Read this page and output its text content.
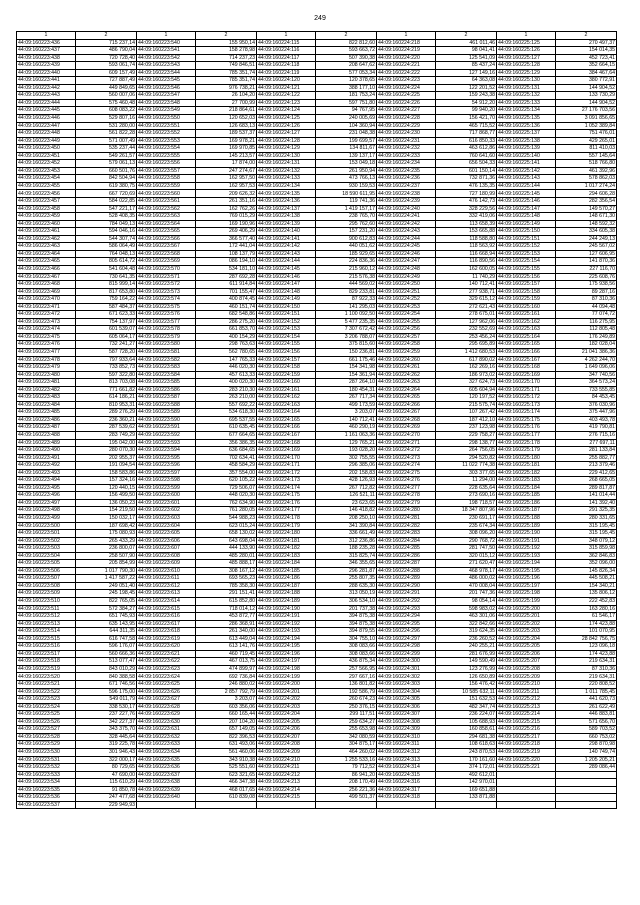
249
1	2	1	2	1	2	1	2	1	2
44:09:160223:436	715 237,14	44:09:160223:540	155 950,14	44:09:160224:115	822 812,60	44:09:160224:218	461 011,46	44:09:160225:125	270 497,37
44:09:160223:437	486 790,04	44:09:160223:541	158 278,98	44:09:160224:116	593 663,72	44:09:160224:219	98 041,41	44:09:160225:126	154 014,35
44:09:160223:438	720 728,40	44:09:160223:542	714 237,23	44:09:160224:117	507 390,38	44:09:160224:220	125 541,09	44:09:160225:127	452 723,41
44:09:160223:439	593 061,74	44:09:160223:543	749 846,51	44:09:160224:118	208 647,62	44:09:160224:221	85 437,24	44:09:160225:128	352 664,15
44:09:160223:440	609 157,49	44:09:160223:544	785 351,74	44:09:160224:119	577 053,34	44:09:160224:222	127 149,16	44:09:160225:129	384 467,64
44:09:160223:441	727 887,49	44:09:160223:545	785 351,74	44:09:160224:120	120 378,65	44:09:160224:223	64 363,08	44:09:160225:130	380 772,91
44:09:160223:442	449 849,65	44:09:160223:546	976 738,21	44:09:160224:121	388 177,10	44:09:160224:224	122 201,52	44:09:160225:131	144 904,52
44:09:160223:443	560 007,06	44:09:160223:547	26 104,20	44:09:160224:122	181 753,24	44:09:160224:225	159 243,38	44:09:160225:132	133 730,29
44:09:160223:444	575 460,48	44:09:160223:548	27 700,99	44:09:160224:123	597 751,80	44:09:160224:226	54 912,20	44:09:160225:133	144 904,52
44:09:160223:445	608 083,22	44:09:160223:549	218 864,61	44:09:160224:124	94 767,95	44:09:160224:227	99 940,20	44:09:160225:134	27 176 703,56
44:09:160223:446	529 807,16	44:09:160223:550	120 652,03	44:09:160224:125	240 005,69	44:09:160224:228	156 421,70	44:09:160225:135	3 091 856,65
44:09:160223:447	531 280,00	44:09:160223:551	126 683,13	44:09:160224:126	104 360,94	44:09:160224:229	465 715,52	44:09:160225:136	1 052 389,84
44:09:160223:448	561 822,28	44:09:160223:552	189 537,37	44:09:160224:127	231 048,38	44:09:160224:230	717 868,77	44:09:160225:137	751 476,01
44:09:160223:449	571 007,49	44:09:160223:553	169 978,21	44:09:160224:128	199 699,57	44:09:160224:231	616 850,33	44:09:160225:138	429 265,01
44:09:160223:450	535 237,44	44:09:160223:554	169 970,85	44:09:160224:129	134 811,67	44:09:160224:232	463 612,86	44:09:160225:139	811 410,03
44:09:160223:451	549 261,57	44:09:160223:555	145 213,57	44:09:160224:130	139 137,17	44:09:160224:233	760 641,60	44:09:160225:140	557 145,64
44:09:160223:452	579 061,13	44:09:160223:556	17 874,00	44:09:160224:131	153 049,18	44:09:160224:234	656 504,33	44:09:160225:141	518 766,80
44:09:160223:453	660 501,76	44:09:160223:557	247 274,67	44:09:160224:132	261 950,94	44:09:160224:235	601 150,14	44:09:160225:142	461 392,96
44:09:160223:454	842 504,94	44:09:160223:558	162 957,50	44:09:160224:133	473 766,13	44:09:160224:236	732 871,36	44:09:160225:143	578 862,03
44:09:160223:455	619 380,75	44:09:160223:559	162 957,53	44:09:160224:134	930 159,53	44:09:160224:237	476 135,35	44:09:160225:144	1 017 274,24
44:09:160223:456	667 720,69	44:09:160223:560	209 626,32	44:09:160224:135	18 590 611,95	44:09:160224:238	727 180,99	44:09:160225:145	294 606,28
44:09:160223:457	584 022,85	44:09:160223:561	261 351,16	44:09:160224:136	119 741,36	44:09:160224:239	476 142,73	44:09:160225:146	282 356,54
44:09:160223:458	547 221,17	44:09:160223:562	162 762,26	44:09:160224:137	1 419 157,17	44:09:160224:240	328 229,56	44:09:160225:147	149 570,27
44:09:160223:459	528 408,35	44:09:160223:563	769 015,29	44:09:160224:138	238 765,70	44:09:160224:241	332 419,06	44:09:160225:148	148 671,30
44:09:160223:460	784 049,13	44:09:160223:564	169 190,96	44:09:160224:139	295 762,60	44:09:160224:242	113 658,39	44:09:160225:149	148 592,32
44:09:160223:461	594 046,16	44:09:160223:565	269 406,29	44:09:160224:140	157 231,20	44:09:160224:243	153 665,88	44:09:160225:150	334 605,38
44:09:160223:462	544 307,74	44:09:160223:566	366 577,40	44:09:160224:141	900 612,83	44:09:160224:244	118 588,80	44:09:160225:151	244 249,13
44:09:160223:463	586 064,49	44:09:160223:567	172 441,04	44:09:160224:142	440 051,62	44:09:160224:245	118 563,92	44:09:160225:152	245 567,02
44:09:160223:464	764 048,13	44:09:160223:568	108 137,79	44:09:160224:143	185 929,65	44:09:160224:246	116 668,94	44:09:160225:153	127 606,95
44:09:160223:465	805 614,72	44:09:160223:569	086 194,10	44:09:160224:144	224 836,36	44:09:160224:247	116 890,56	44:09:160225:154	141 870,36
44:09:160223:466	541 604,48	44:09:160223:570	534 181,10	44:09:160224:145	215 960,12	44:09:160224:248	162 600,05	44:09:160225:155	227 116,70
44:09:160223:467	730 641,35	44:09:160223:571	287 692,28	44:09:160224:146	215 576,38	44:09:160224:249	11 740,29	44:09:160225:156	225 608,76
44:09:160223:468	815 999,14	44:09:160223:572	611 914,84	44:09:160224:147	444 569,02	44:09:160224:250	140 712,41	44:09:160225:157	175 938,56
44:09:160223:469	817 653,80	44:09:160223:573	701 155,47	44:09:160224:148	829 233,81	44:09:160224:251	277 938,71	44:09:160225:158	89 287,16
44:09:160223:470	759 164,22	44:09:160223:574	400 874,45	44:09:160224:149	87 922,33	44:09:160224:252	329 615,12	44:09:160225:159	87 310,36
44:09:160223:471	587 484,37	44:09:160223:575	460 151,74	44:09:160224:150	141 295,03	44:09:160224:253	272 621,43	44:09:160225:160	44 094,48
44:09:160223:472	671 623,33	44:09:160223:576	682 548,86	44:09:160224:151	1 100 092,50	44:09:160224:254	278 675,01	44:09:160225:161	77 074,72
44:09:160223:473	754 137,97	44:09:160223:577	286 275,20	44:09:160224:152	5 477 235,35	44:09:160224:255	127 962,06	44:09:160225:162	116 275,95
44:09:160223:474	601 539,07	44:09:160223:578	661 853,70	44:09:160224:153	7 307 672,42	44:09:160224:256	232 552,69	44:09:160225:163	112 805,48
44:09:160223:475	605 064,17	44:09:160223:579	400 154,29	44:09:160224:154	3 206 788,07	44:09:160224:257	253 456,24	44:09:160225:164	176 249,89
44:09:160223:476	732 241,27	44:09:160223:580	298 763,63	44:09:160224:155	375 815,60	44:09:160224:258	295 695,89	44:09:160225:165	182 028,04
44:09:160223:477	587 728,20	44:09:160223:581	562 780,65	44:09:160224:156	150 236,81	44:09:160224:259	1 412 680,53	44:09:160225:166	21 041 386,36
44:09:160223:478	797 933,64	44:09:160223:582	147 765,33	44:09:160224:157	661 175,46	44:09:160224:260	617 890,02	44:09:160225:167	4 262 244,70
44:09:160223:479	733 852,73	44:09:160223:583	446 020,30	44:09:160224:158	154 341,98	44:09:160224:261	162 269,16	44:09:160225:168	1 649 096,06
44:09:160223:480	597 322,80	44:09:160223:584	457 613,33	44:09:160224:159	154 361,94	44:09:160224:262	186 973,02	44:09:160225:169	347 740,56
44:09:160223:481	813 703,08	44:09:160223:585	400 020,30	44:09:160224:160	287 264,10	44:09:160224:263	327 624,73	44:09:160225:170	364 573,24
44:09:160223:482	771 661,82	44:09:160223:586	283 210,30	44:09:160224:161	180 454,31	44:09:160224:264	605 604,94	44:09:160225:171	733 555,85
44:09:160223:483	614 186,21	44:09:160223:587	263 210,00	44:09:160224:162	267 717,34	44:09:160224:265	120 197,52	44:09:160225:172	84 453,45
44:09:160223:484	810 953,31	44:09:160223:588	557 692,22	44:09:160224:163	499 173,59	44:09:160224:266	215 575,74	44:09:160225:173	376 030,96
44:09:160223:485	289 276,29	44:09:160223:589	534 618,30	44:09:160224:164	3 203,07	44:09:160224:267	107 267,42	44:09:160225:174	375 447,96
44:09:160223:486	236 360,21	44:09:160223:590	695 537,55	44:09:160224:165	140 712,41	44:09:160224:268	187 412,10	44:09:160225:175	403 493,78
44:09:160223:487	287 539,62	44:09:160223:591	610 635,45	44:09:160224:166	460 290,19	44:09:160224:269	237 123,98	44:09:160225:176	419 790,81
44:09:160223:488	283 749,29	44:09:160223:592	677 664,65	44:09:160224:167	1 161 063,36	44:09:160224:270	229 758,27	44:09:160225:177	276 715,16
44:09:160223:489	195 042,00	44:09:160223:593	356 386,35	44:09:160224:168	129 765,21	44:09:160224:271	298 138,77	44:09:160225:178	277 697,11
44:09:160223:490	280 070,30	44:09:160223:594	636 684,65	44:09:160224:169	193 028,20	44:09:160224:272	264 756,05	44:09:160225:179	281 133,84
44:09:160223:491	202 955,37	44:09:160223:595	702 634,41	44:09:160224:170	302 755,55	44:09:160224:273	294 520,82	44:09:160225:180	255 882,77
44:09:160223:492	191 094,54	44:09:160223:596	458 584,29	44:09:160224:171	296 385,06	44:09:160224:274	11 022 774,38	44:09:160225:181	213 379,46
44:09:160223:493	158 583,86	44:09:160223:597	357 554,00	44:09:160224:172	202 158,83	44:09:160224:275	303 377,65	44:09:160225:182	229 412,65
44:09:160223:494	157 324,16	44:09:160223:598	620 105,22	44:09:160224:173	428 126,93	44:09:160224:276	11 294,00	44:09:160225:183	268 665,05
44:09:160223:495	120 440,15	44:09:160223:599	729 506,07	44:09:160224:174	267 712,82	44:09:160224:277	228 635,64	44:09:160225:184	289 817,87
44:09:160223:496	156 499,50	44:09:160223:600	448 020,30	44:09:160224:175	126 521,11	44:09:160224:278	273 690,16	44:09:160225:185	141 014,44
44:09:160223:497	136 050,23	44:09:160223:601	762 634,90	44:09:160224:176	23 623,65	44:09:160224:279	198 718,57	44:09:160225:186	141 392,40
44:09:160223:498	154 219,50	44:09:160223:602	761 280,05	44:09:160224:177	146 418,82	44:09:160224:280	18 347 807,96	44:09:160225:187	291 325,35
44:09:160223:499	150 032,17	44:09:160223:603	544 988,23	44:09:160224:178	208 250,10	44:09:160224:281	230 691,17	44:09:160225:188	280 331,65
44:09:160223:500	187 698,42	44:09:160223:604	623 015,24	44:09:160224:179	341 390,84	44:09:160224:282	235 674,34	44:09:160225:189	315 195,45
44:09:160223:501	175 080,93	44:09:160223:605	658 130,02	44:09:160224:180	336 661,49	44:09:160224:283	308 096,20	44:09:160225:190	315 195,45
44:09:160223:502	265 433,29	44:09:160223:606	643 698,04	44:09:160224:181	312 236,86	44:09:160224:284	290 768,72	44:09:160225:191	348 079,12
44:09:160223:503	236 800,07	44:09:160223:607	444 133,90	44:09:160224:182	188 235,28	44:09:160224:285	281 747,50	44:09:160225:192	315 859,98
44:09:160223:504	258 507,90	44:09:160223:608	485 280,01	44:09:160224:183	315 825,74	44:09:160224:286	320 015,12	44:09:160225:193	362 846,83
44:09:160223:505	205 854,99	44:09:160223:609	485 888,17	44:09:160224:184	346 355,65	44:09:160224:287	271 620,47	44:09:160225:194	352 096,00
44:09:160223:506	1 017 790,30	44:09:160223:610	308 167,12	44:09:160224:185	296 281,87	44:09:160224:288	468 978,17	44:09:160225:195	145 826,34
44:09:160223:507	1 417 587,22	44:09:160223:611	693 565,23	44:09:160224:186	255 807,35	44:09:160224:289	486 000,02	44:09:160225:196	445 508,21
44:09:160223:508	249 051,40	44:09:160223:612	785 358,30	44:09:160224:187	288 635,30	44:09:160224:290	470 008,04	44:09:160225:197	154 340,21
44:09:160223:509	245 198,45	44:09:160223:613	291 151,41	44:09:160224:188	313 050,19	44:09:160224:291	201 747,36	44:09:160225:198	135 806,12
44:09:160223:510	822 765,05	44:09:160223:614	615 852,80	44:09:160224:189	306 534,10	44:09:160224:292	98 054,14	44:09:160225:199	222 452,83
44:09:160223:511	572 384,27	44:09:160223:615	718 014,12	44:09:160224:190	201 737,38	44:09:160224:293	598 983,02	44:09:160225:200	163 280,16
44:09:160223:512	651 745,93	44:09:160223:616	453 872,77	44:09:160224:191	394 875,38	44:09:160224:294	463 301,06	44:09:160225:201	61 546,17
44:09:160223:513	635 143,95	44:09:160223:617	286 368,91	44:09:160224:192	394 875,38	44:09:160224:295	322 842,66	44:09:160225:202	174 423,88
44:09:160223:514	644 311,35	44:09:160223:618	261 340,00	44:09:160224:193	394 879,55	44:09:160224:296	319 624,35	44:09:160225:203	101 070,95
44:09:160223:515	616 747,58	44:09:160223:619	613 449,04	44:09:160224:194	304 755,10	44:09:160224:297	236 260,52	44:09:160225:204	28 842 756,75
44:09:160223:516	596 176,07	44:09:160223:620	613 141,76	44:09:160224:195	308 083,66	44:09:160224:298	240 255,21	44:09:160225:205	123 096,18
44:09:160223:517	560 666,36	44:09:160223:621	460 719,45	44:09:160224:196	308 083,66	44:09:160224:299	281 676,99	44:09:160225:206	174 423,88
44:09:160223:518	513 077,47	44:09:160223:622	467 013,75	44:09:160224:197	436 875,34	44:09:160224:300	149 590,49	44:09:160225:207	219 634,31
44:09:160223:519	843 010,29	44:09:160223:623	474 899,97	44:09:160224:198	257 566,95	44:09:160224:301	123 276,99	44:09:160225:208	87 310,36
44:09:160223:520	840 388,58	44:09:160223:624	692 736,84	44:09:160224:199	297 667,16	44:09:160224:302	126 650,89	44:09:160225:209	219 634,31
44:09:160223:521	671 746,56	44:09:160223:625	246 880,02	44:09:160224:200	136 801,82	44:09:160224:303	156 476,42	44:09:160225:210	220 808,52
44:09:160223:522	596 175,00	44:09:160223:626	2 857 792,79	44:09:160224:201	192 586,79	44:09:160224:304	10 585 632,11	44:09:160225:211	1 011 785,45
44:09:160223:523	549 011,79	44:09:160223:627	3 203,07	44:09:160224:202	260 674,23	44:09:160224:305	151 632,53	44:09:160225:212	441 620,73
44:09:160223:524	338 530,17	44:09:160223:628	603 356,06	44:09:160224:203	250 376,15	44:09:160224:306	482 347,74	44:09:160225:213	261 622,49
44:09:160223:525	237 227,76	44:09:160223:629	660 165,44	44:09:160224:204	299 117,51	44:09:160224:307	236 224,07	44:09:160225:214	446 883,81
44:09:160223:526	342 227,37	44:09:160223:630	207 104,20	44:09:160224:205	259 634,27	44:09:160224:308	105 688,93	44:09:160225:215	571 656,70
44:09:160223:527	343 375,70	44:09:160223:631	657 149,05	44:09:160224:206	255 653,98	44:09:160224:309	160 858,61	44:09:160225:216	589 703,52
44:09:160223:528	328 445,64	44:09:160223:632	822 396,53	44:09:160224:207	342 080,59	44:09:160224:310	294 681,38	44:09:160225:217	660 753,02
44:09:160223:529	319 225,78	44:09:160223:633	631 493,06	44:09:160224:208	304 875,17	44:09:160224:311	108 618,63	44:09:160225:218	298 870,98
44:09:160223:530	301 946,43	44:09:160223:634	561 460,06	44:09:160224:209	464 260,02	44:09:160224:312	243 870,53	44:09:160225:219	140 749,74
44:09:160223:531	322 000,17	44:09:160223:635	343 910,38	44:09:160224:210	1 255 533,16	44:09:160224:313	170 161,60	44:09:160225:220	1 205 205,21
44:09:160223:532	80 729,65	44:09:160223:636	525 551,60	44:09:160224:211	79 712,52	44:09:160224:314	374 172,01	44:09:160225:221	289 086,44
44:09:160223:533	47 690,00	44:09:160223:637	623 321,65	44:09:160224:212	86 941,20	44:09:160224:315	492 612,01		
44:09:160223:534	115 610,29	44:09:160223:638	466 347,38	44:09:160224:213	208 170,49	44:09:160224:316	142 970,01		
44:09:160223:535	91 850,78	44:09:160223:639	468 017,65	44:09:160224:214	256 221,36	44:09:160224:317	169 651,88		
44:09:160223:536	247 477,68	44:09:160223:640	610 839,08	44:09:160224:215	499 501,37	44:09:160224:318	133 871,88		
44:09:160223:537	229 949,93								
